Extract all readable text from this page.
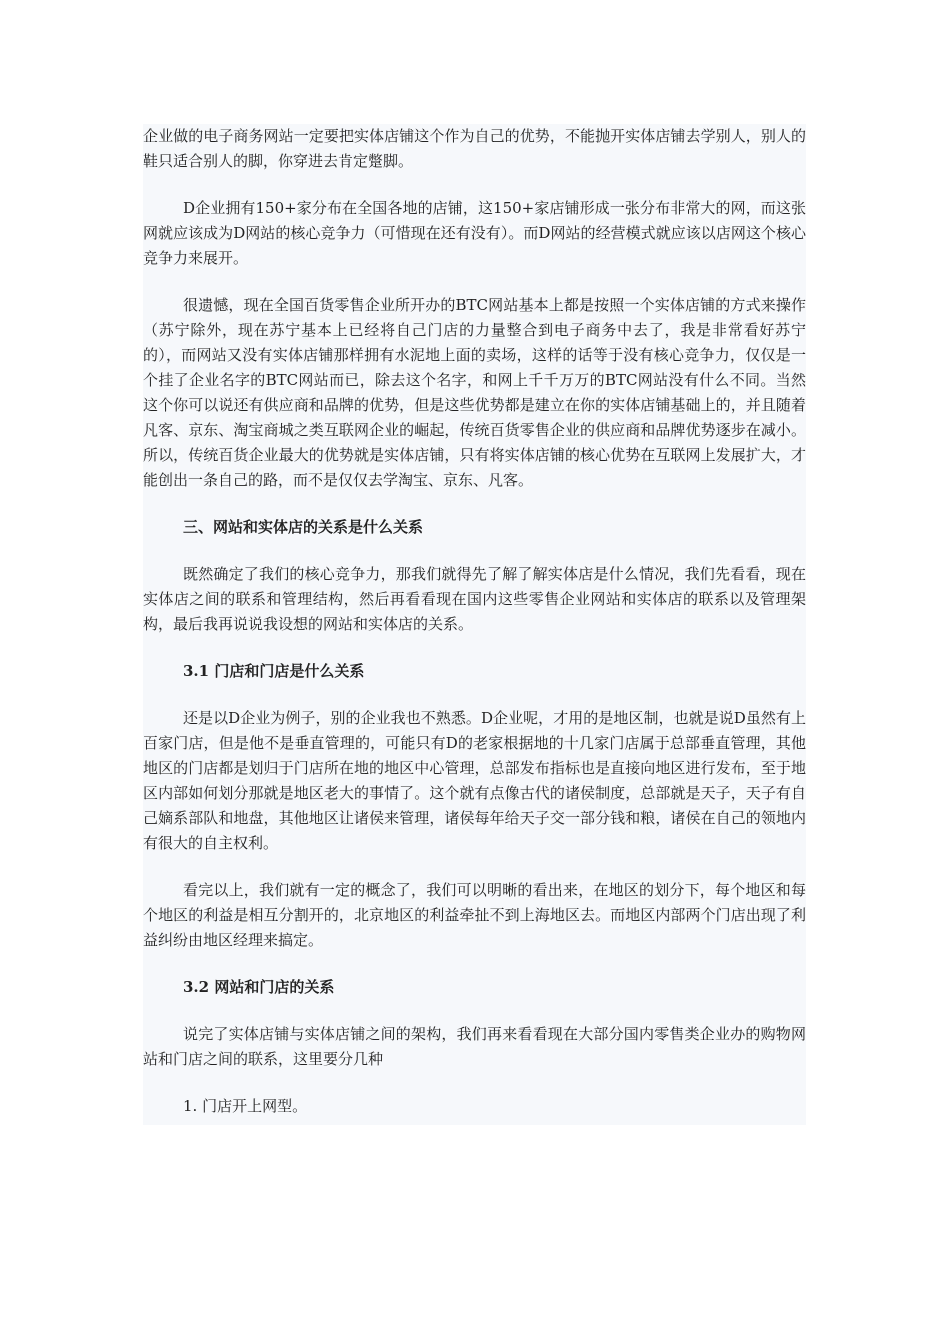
企业做的电子商务网站一定要把实体店铺这个作为自己的优势，不能抛开实体店铺去学别人，别人的鞋只适合别人的脚，你穿进去肯定蹩脚。

D企业拥有150+家分布在全国各地的店铺，这150+家店铺形成一张分布非常大的网，而这张网就应该成为D网站的核心竞争力（可惜现在还有没有）。而D网站的经营模式就应该以店网这个核心竞争力来展开。

很遗憾，现在全国百货零售企业所开办的BTC网站基本上都是按照一个实体店铺的方式来操作（苏宁除外，现在苏宁基本上已经将自己门店的力量整合到电子商务中去了，我是非常看好苏宁的），而网站又没有实体店铺那样拥有水泥地上面的卖场，这样的话等于没有核心竞争力，仅仅是一个挂了企业名字的BTC网站而已，除去这个名字，和网上千千万万的BTC网站没有什么不同。当然这个你可以说还有供应商和品牌的优势，但是这些优势都是建立在你的实体店铺基础上的，并且随着凡客、京东、淘宝商城之类互联网企业的崛起，传统百货零售企业的供应商和品牌优势逐步在减小。所以，传统百货企业最大的优势就是实体店铺，只有将实体店铺的核心优势在互联网上发展扩大，才能创出一条自己的路，而不是仅仅去学淘宝、京东、凡客。

三、网站和实体店的关系是什么关系

既然确定了我们的核心竞争力，那我们就得先了解了解实体店是什么情况，我们先看看，现在实体店之间的联系和管理结构，然后再看看现在国内这些零售企业网站和实体店的联系以及管理架构，最后我再说说我设想的网站和实体店的关系。

3.1 门店和门店是什么关系

还是以D企业为例子，别的企业我也不熟悉。D企业呢，才用的是地区制，也就是说D虽然有上百家门店，但是他不是垂直管理的，可能只有D的老家根据地的十几家门店属于总部垂直管理，其他地区的门店都是划归于门店所在地的地区中心管理，总部发布指标也是直接向地区进行发布，至于地区内部如何划分那就是地区老大的事情了。这个就有点像古代的诸侯制度，总部就是天子，天子有自己嫡系部队和地盘，其他地区让诸侯来管理，诸侯每年给天子交一部分钱和粮，诸侯在自己的领地内有很大的自主权利。

看完以上，我们就有一定的概念了，我们可以明晰的看出来，在地区的划分下，每个地区和每个地区的利益是相互分割开的，北京地区的利益牵扯不到上海地区去。而地区内部两个门店出现了利益纠纷由地区经理来搞定。

3.2 网站和门店的关系

说完了实体店铺与实体店铺之间的架构，我们再来看看现在大部分国内零售类企业办的购物网站和门店之间的联系，这里要分几种

1. 门店开上网型。
